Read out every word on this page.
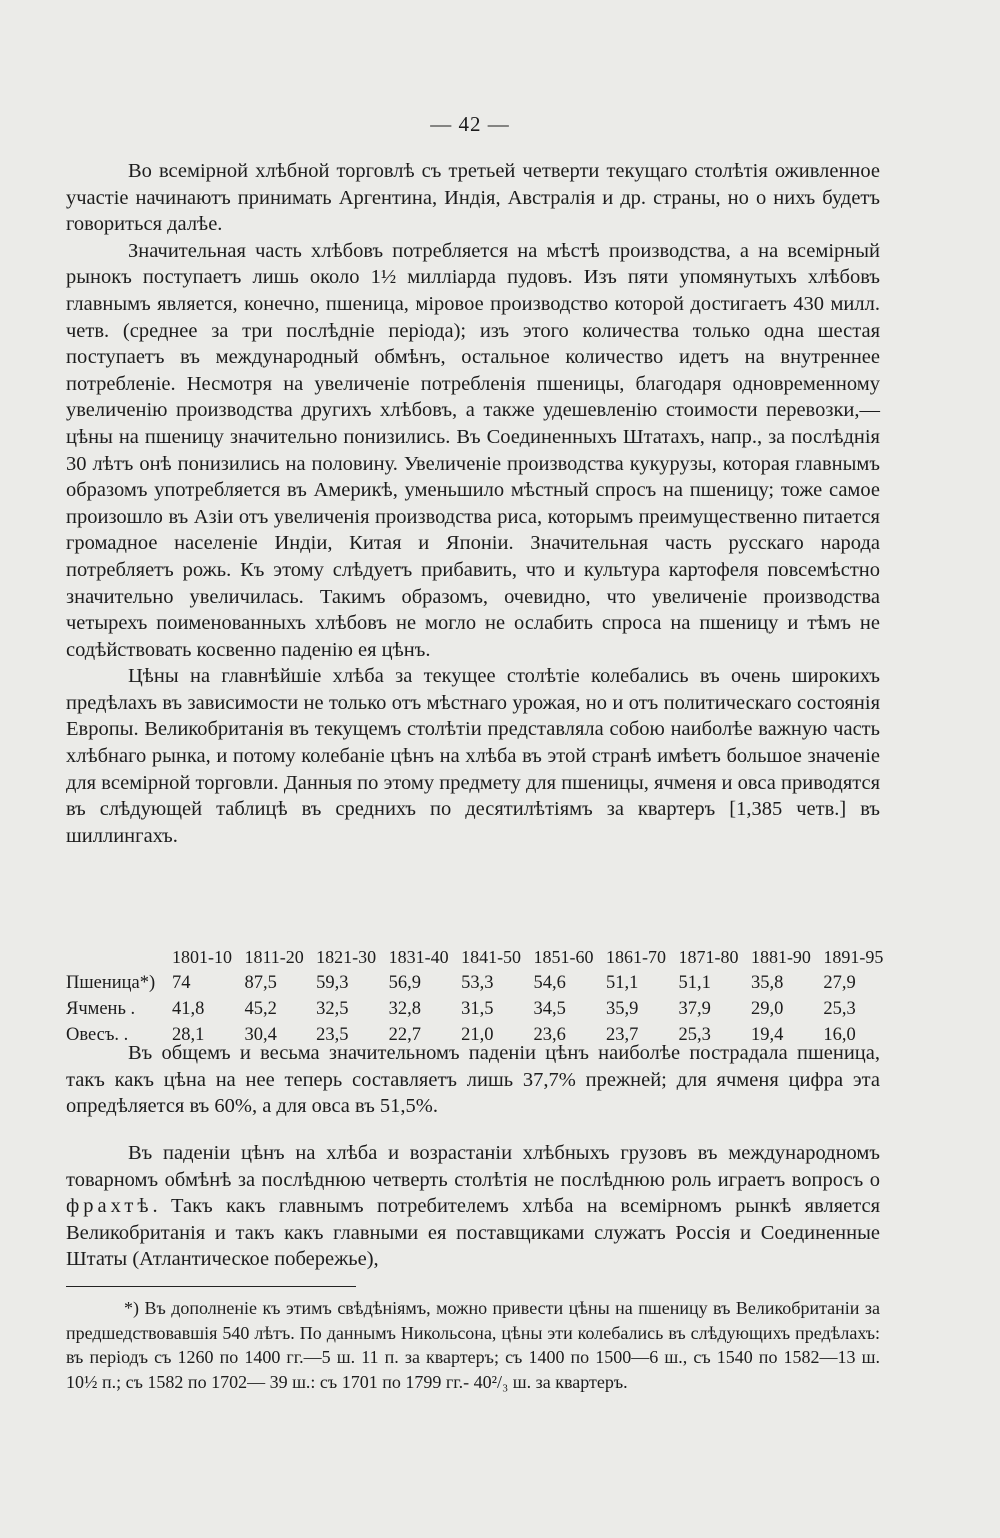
— 42 —

Во всемірной хлѣбной торговлѣ съ третьей четверти текущаго столѣтія оживленное участіе начинаютъ принимать Аргентина, Индія, Австралія и др. страны, но о нихъ будетъ говориться далѣе.

Значительная часть хлѣбовъ потребляется на мѣстѣ производства, а на всемірный рынокъ поступаетъ лишь около 1½ милліарда пудовъ. Изъ пяти упомянутыхъ хлѣбовъ главнымъ является, конечно, пшеница, міровое производство которой достигаетъ 430 милл. четв. (среднее за три послѣдніе періода); изъ этого количества только одна шестая поступаетъ въ международный обмѣнъ, остальное количество идетъ на внутреннее потребленіе. Несмотря на увеличеніе потребленія пшеницы, благодаря одновременному увеличенію производства другихъ хлѣбовъ, а также удешевленію стоимости перевозки,— цѣны на пшеницу значительно понизились. Въ Соединенныхъ Штатахъ, напр., за послѣднія 30 лѣтъ онѣ понизились на половину. Увеличеніе производства кукурузы, которая главнымъ образомъ употребляется въ Америкѣ, уменьшило мѣстный спросъ на пшеницу; тоже самое произошло въ Азіи отъ увеличенія производства риса, которымъ преимущественно питается громадное населеніе Индіи, Китая и Японіи. Значительная часть русскаго народа потребляетъ рожь. Къ этому слѣдуетъ прибавить, что и культура картофеля повсемѣстно значительно увеличилась. Такимъ образомъ, очевидно, что увеличеніе производства четырехъ поименованныхъ хлѣбовъ не могло не ослабить спроса на пшеницу и тѣмъ не содѣйствовать косвенно паденію ея цѣнъ.

Цѣны на главнѣйшіе хлѣба за текущее столѣтіе колебались въ очень широкихъ предѣлахъ въ зависимости не только отъ мѣстнаго урожая, но и отъ политическаго состоянія Европы. Великобританія въ текущемъ столѣтіи представляла собою наиболѣе важную часть хлѣбнаго рынка, и потому колебаніе цѣнъ на хлѣба въ этой странѣ имѣетъ большое значеніе для всемірной торговли. Данныя по этому предмету для пшеницы, ячменя и овса приводятся въ слѣдующей таблицѣ въ среднихъ по десятилѣтіямъ за квартеръ [1,385 четв.] въ шиллингахъ.

	1801-10	1811-20	1821-30	1831-40	1841-50	1851-60	1861-70	1871-80	1881-90	1891-95
Пшеница*)	74	87,5	59,3	56,9	53,3	54,6	51,1	51,1	35,8	27,9
Ячмень .	41,8	45,2	32,5	32,8	31,5	34,5	35,9	37,9	29,0	25,3
Овесъ. .	28,1	30,4	23,5	22,7	21,0	23,6	23,7	25,3	19,4	16,0

Въ общемъ и весьма значительномъ паденіи цѣнъ наиболѣе пострадала пшеница, такъ какъ цѣна на нее теперь составляетъ лишь 37,7% прежней; для ячменя цифра эта опредѣляется въ 60%, а для овса въ 51,5%.

Въ паденіи цѣнъ на хлѣба и возрастаніи хлѣбныхъ грузовъ въ международномъ товарномъ обмѣнѣ за послѣднюю четверть столѣтія не послѣднюю роль играетъ вопросъ о фрахтѣ. Такъ какъ главнымъ потребителемъ хлѣба на всемірномъ рынкѣ является Великобританія и такъ какъ главными ея поставщиками служатъ Россія и Соединенные Штаты (Атлантическое побережье),

*) Въ дополненіе къ этимъ свѣдѣніямъ, можно привести цѣны на пшеницу въ Великобританіи за предшедствовавшія 540 лѣтъ. По даннымъ Никольсона, цѣны эти колебались въ слѣдующихъ предѣлахъ: въ періодъ съ 1260 по 1400 гг.—5 ш. 11 п. за квартеръ; съ 1400 по 1500—6 ш., съ 1540 по 1582—13 ш. 10½ п.; съ 1582 по 1702— 39 ш.: съ 1701 по 1799 гг.- 40²/₃ ш. за квартеръ.
